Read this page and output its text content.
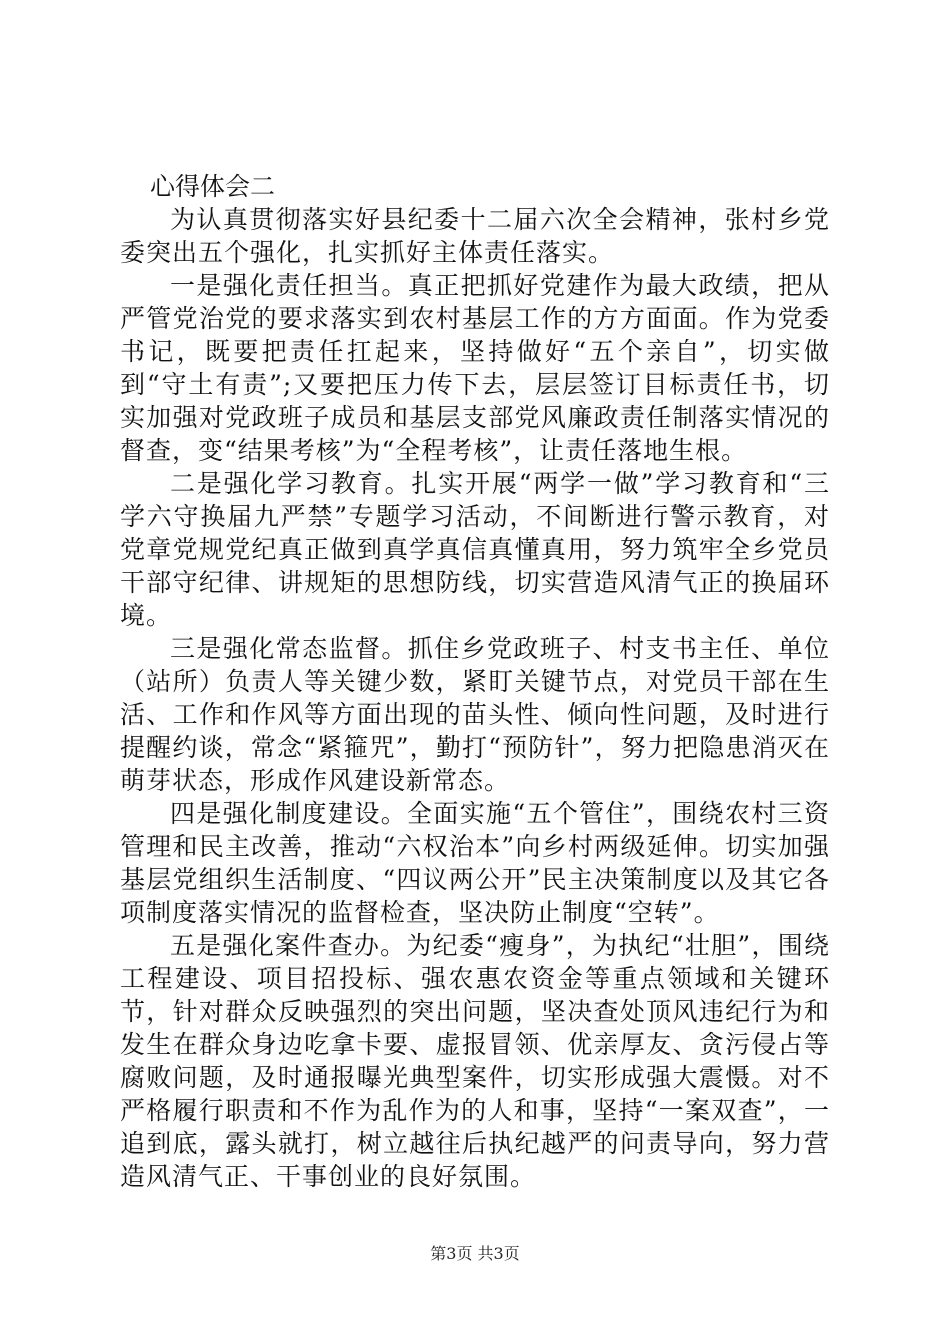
心得体会二

为认真贯彻落实好县纪委十二届六次全会精神，张村乡党委突出五个强化，扎实抓好主体责任落实。

一是强化责任担当。真正把抓好党建作为最大政绩，把从严管党治党的要求落实到农村基层工作的方方面面。作为党委书记，既要把责任扛起来，坚持做好“五个亲自”，切实做到“守土有责”;又要把压力传下去，层层签订目标责任书，切实加强对党政班子成员和基层支部党风廉政责任制落实情况的督查，变“结果考核”为“全程考核”，让责任落地生根。

二是强化学习教育。扎实开展“两学一做”学习教育和“三学六守换届九严禁”专题学习活动，不间断进行警示教育，对党章党规党纪真正做到真学真信真懂真用，努力筑牢全乡党员干部守纪律、讲规矩的思想防线，切实营造风清气正的换届环境。

三是强化常态监督。抓住乡党政班子、村支书主任、单位（站所）负责人等关键少数，紧盯关键节点，对党员干部在生活、工作和作风等方面出现的苗头性、倾向性问题，及时进行提醒约谈，常念“紧箍咒”，勤打“预防针”，努力把隐患消灭在萌芽状态，形成作风建设新常态。

四是强化制度建设。全面实施“五个管住”，围绕农村三资管理和民主改善，推动“六权治本”向乡村两级延伸。切实加强基层党组织生活制度、“四议两公开”民主决策制度以及其它各项制度落实情况的监督检查，坚决防止制度“空转”。

五是强化案件查办。为纪委“瘦身”，为执纪“壮胆”，围绕工程建设、项目招投标、强农惠农资金等重点领域和关键环节，针对群众反映强烈的突出问题，坚决查处顶风违纪行为和发生在群众身边吃拿卡要、虚报冒领、优亲厚友、贪污侵占等腐败问题，及时通报曝光典型案件，切实形成强大震慑。对不严格履行职责和不作为乱作为的人和事，坚持“一案双查”，一追到底，露头就打，树立越往后执纪越严的问责导向，努力营造风清气正、干事创业的良好氛围。

第3页 共3页
